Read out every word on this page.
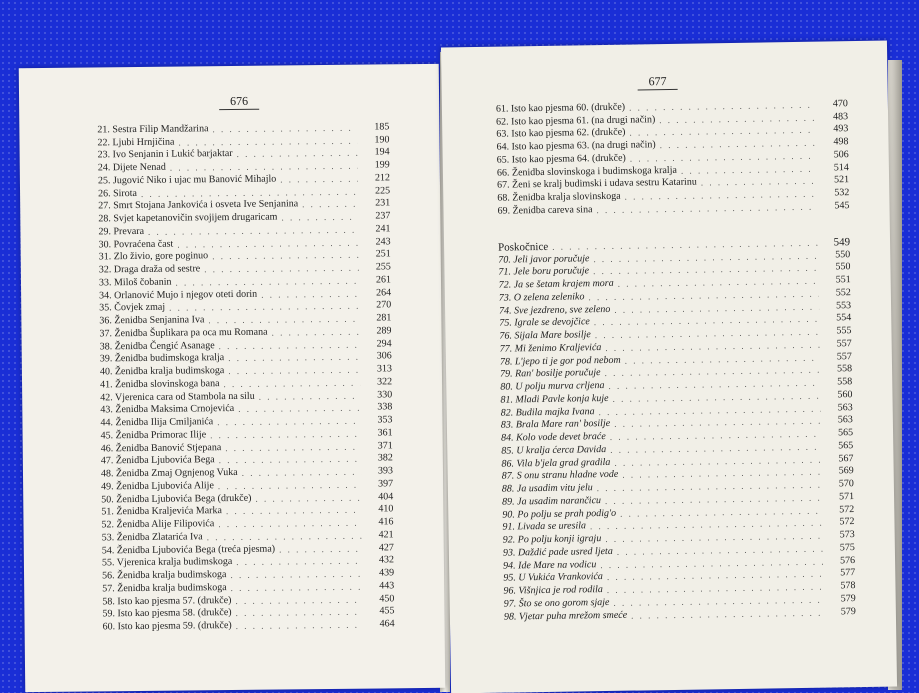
676
21. Sestra Filip Mandžarina . . .	185
22. Ljubi Hrnjičina . . .	190
23. Ivo Senjanin i Lukić barjaktar . . .	194
24. Dijete Nenad . . .	199
25. Jugović Niko i ujac mu Banović Mihajlo . . .	212
26. Sirota . . .	225
27. Smrt Stojana Jankovića i osveta Ive Senjanina . . .	231
28. Svjet kapetanovičin svojijem drugaricam . . .	237
29. Prevara . . .	241
30. Povraćena čast . . .	243
31. Zlo živio, gore poginuo . . .	251
32. Draga draža od sestre . . .	255
33. Miloš čobanin . . .	261
34. Orlanović Mujo i njegov oteti dorin . . .	264
35. Čovjek zmaj . . .	270
36. Ženidba Senjanina Iva . . .	281
37. Ženidba Šuplikara pa oca mu Romana . . .	289
38. Ženidba Čengić Asanage . . .	294
39. Ženidba budimskoga kralja . . .	306
40. Ženidba kralja budimskoga . . .	313
41. Ženidba slovinskoga bana . . .	322
42. Vjerenica cara od Stambola na silu . . .	330
43. Ženidba Maksima Crnojevića . . .	338
44. Ženidba Ilija Cmiljanića . . .	353
45. Ženidba Primorac Ilije . . .	361
46. Ženidba Banović Stjepana . . .	371
47. Ženidba Ljubovića Bega . . .	382
48. Ženidba Zmaj Ognjenog Vuka . . .	393
49. Ženidba Ljubovića Alije . . .	397
50. Ženidba Ljubovića Bega (drukče) . . .	404
51. Ženidba Kraljevića Marka . . .	410
52. Ženidba Alije Filipovića . . .	416
53. Ženidba Zlatarića Iva . . .	421
54. Ženidba Ljubovića Bega (treća pjesma) . . .	427
55. Vjerenica kralja budimskoga . . .	432
56. Ženidba kralja budimskoga . . .	439
57. Ženidba kralja budimskoga . . .	443
58. Isto kao pjesma 57. (drukče) . . .	450
59. Isto kao pjesma 58. (drukče) . . .	455
60. Isto kao pjesma 59. (drukče) . . .	464
677
61. Isto kao pjesma 60. (drukče) . . .	470
62. Isto kao pjesma 61. (na drugi način) . . .	483
63. Isto kao pjesma 62. (drukče) . . .	493
64. Isto kao pjesma 63. (na drugi način) . . .	498
65. Isto kao pjesma 64. (drukče) . . .	506
66. Ženidba slovinskoga i budimskoga kralja . . .	514
67. Ženi se kralj budimski i udava sestru Katarinu . . .	521
68. Ženidba kralja slovinskoga . . .	532
69. Ženidba careva sina . . .	545
Poskočnice . . .	549
70. Jeli javor poručuje . . .	550
71. Jele boru poručuje . . .	550
72. Ja se šetam krajem mora . . .	551
73. O zelena zeleniko . . .	552
74. Sve jezdreno, sve zeleno . . .	553
75. Igrale se devojčice . . .	554
76. Sijala Mare bosilje . . .	555
77. Mi ženimo Kraljevića . . .	557
78. L'jepo ti je gor pod nebom . . .	557
79. Ran' bosilje poručuje . . .	558
80. U polju murva crljena . . .	558
81. Mladi Pavle konja kuje . . .	560
82. Budila majka Ivana . . .	563
83. Brala Mare ran' bosilje . . .	563
84. Kolo vode devet braće . . .	565
85. U kralja ćerca Davida . . .	565
86. Vila b'jela grad gradila . . .	567
87. S onu stranu hladne vode . . .	569
88. Ja usadim vitu jelu . . .	570
89. Ja usadim narančicu . . .	571
90. Po polju se prah podig'o . . .	572
91. Livada se uresila . . .	572
92. Po polju konji igraju . . .	573
93. Daždić pade usred ljeta . . .	575
94. Ide Mare na vodicu . . .	576
95. U Vukića Vrankovića . . .	577
96. Višnjica je rod rodila . . .	578
97. Što se ono gorom sjaje . . .	579
98. Vjetar puha mrežom smeće . . .	579
